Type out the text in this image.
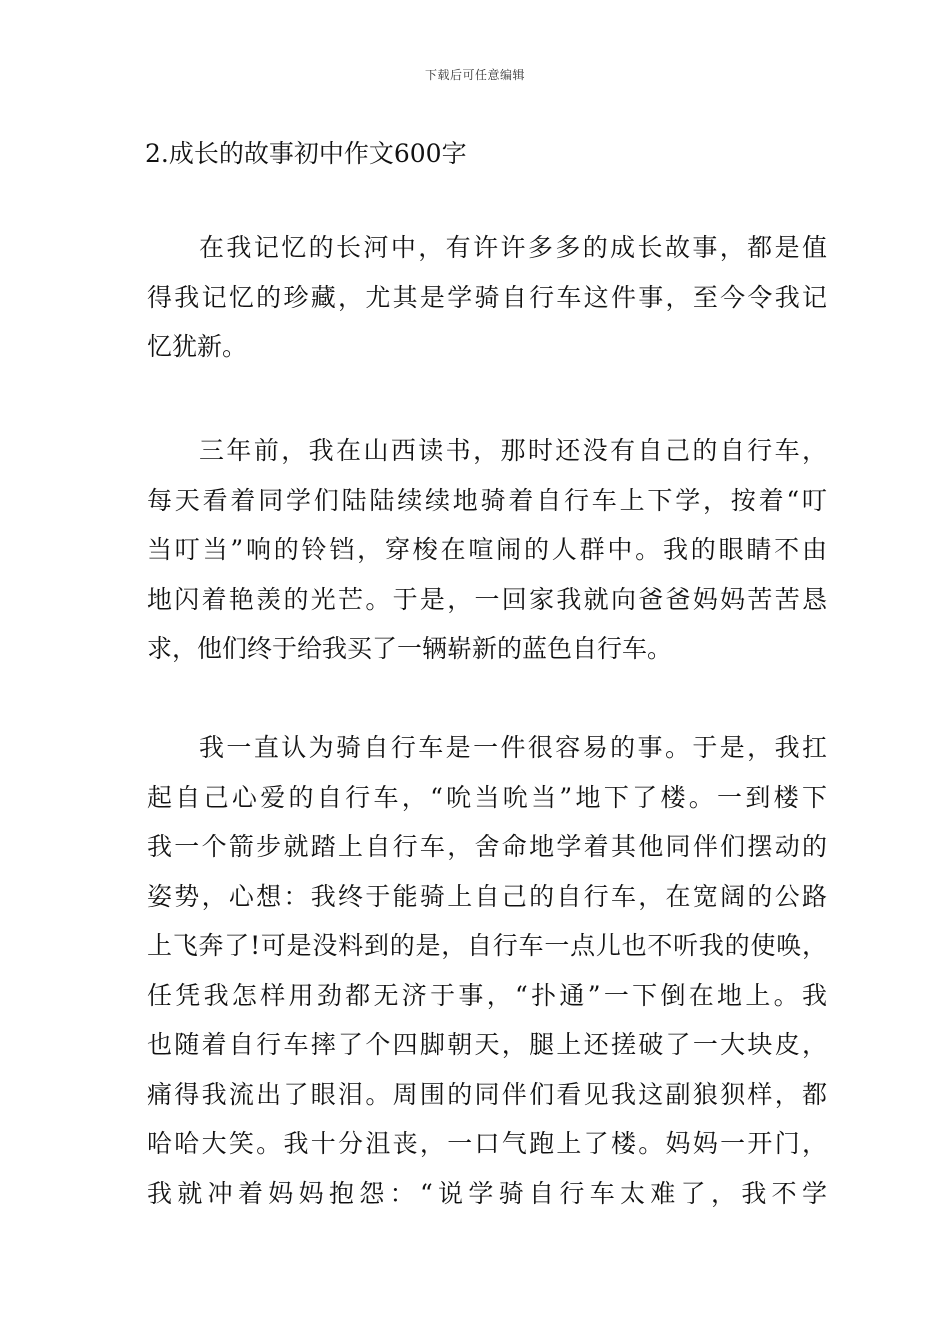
下载后可任意编辑
2.成长的故事初中作文600字
在我记忆的长河中，有许许多多的成长故事，都是值
得我记忆的珍藏，尤其是学骑自行车这件事，至今令我记
忆犹新。
三年前，我在山西读书，那时还没有自己的自行车，
每天看着同学们陆陆续续地骑着自行车上下学，按着“叮
当叮当”响的铃铛，穿梭在喧闹的人群中。我的眼睛不由
地闪着艳羡的光芒。于是，一回家我就向爸爸妈妈苦苦恳
求，他们终于给我买了一辆崭新的蓝色自行车。
我一直认为骑自行车是一件很容易的事。于是，我扛
起自己心爱的自行车，“吮当吮当”地下了楼。一到楼下
我一个箭步就踏上自行车，舍命地学着其他同伴们摆动的
姿势，心想：我终于能骑上自己的自行车，在宽阔的公路
上飞奔了!可是没料到的是，自行车一点儿也不听我的使唤，
任凭我怎样用劲都无济于事，“扑通”一下倒在地上。我
也随着自行车摔了个四脚朝天，腿上还搓破了一大块皮，
痛得我流出了眼泪。周围的同伴们看见我这副狼狈样，都
哈哈大笑。我十分沮丧，一口气跑上了楼。妈妈一开门，
我就冲着妈妈抱怨：“说学骑自行车太难了，我不学
